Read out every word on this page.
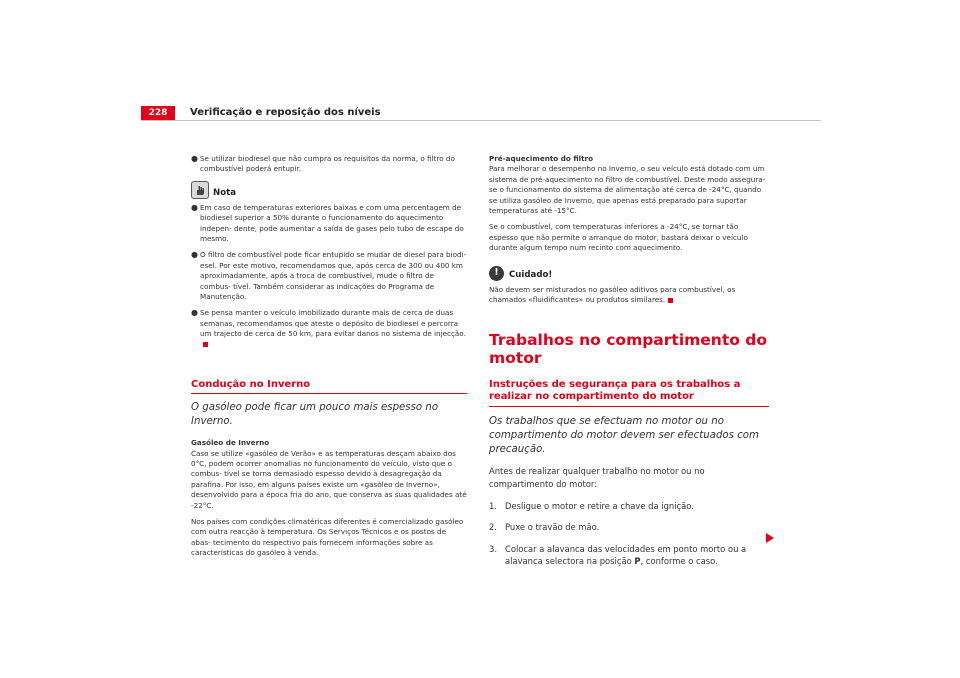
228	Verificação e reposição dos níveis
● Se utilizar biodiesel que não cumpra os requisitos da norma, o filtro do combustível poderá entupir.
Nota
● Em caso de temperaturas exteriores baixas e com uma percentagem de biodiesel superior a 50% durante o funcionamento do aquecimento indepen- dente, pode aumentar a saída de gases pelo tubo de escape do mesmo.
● O filtro de combustível pode ficar entupido se mudar de diesel para biodi- esel. Por este motivo, recomendamos que, após cerca de 300 ou 400 km aproximadamente, após a troca de combustível, mude o filtro de combus- tível. Também considerar as indicações do Programa de Manutenção.
● Se pensa manter o veículo imobilizado durante mais de cerca de duas semanas, recomendamos que ateste o depósito de biodiesel e percorra um trajecto de cerca de 50 km, para evitar danos no sistema de injecção.
Condução no Inverno
O gasóleo pode ficar um pouco mais espesso no Inverno.
Gasóleo de Inverno

Caso se utilize «gasóleo de Verão» e as temperaturas desçam abaixo dos 0°C, podem ocorrer anomalias no funcionamento do veículo, visto que o combus- tível se torna demasiado espesso devido à desagregação da parafina. Por isso, em alguns países existe um «gasóleo de Inverno», desenvolvido para a época fria do ano, que conserva as suas qualidades até -22°C.

Nos países com condições climatéricas diferentes é comercializado gasóleo com outra reacção à temperatura. Os Serviços Técnicos e os postos de abas- tecimento do respectivo país fornecem informações sobre as características do gasóleo à venda.

Pré-aquecimento do filtro

Para melhorar o desempenho no Inverno, o seu veículo está dotado com um sistema de pré-aquecimento no filtro de combustível. Deste modo assegura- se o funcionamento do sistema de alimentação até cerca de -24°C, quando se utiliza gasóleo de Inverno, que apenas está preparado para suportar temperaturas até -15°C.

Se o combustível, com temperaturas inferiores a -24°C, se tornar tão espesso que não permite o arranque do motor, bastará deixar o veículo durante algum tempo num recinto com aquecimento.

!	Cuidado!

Não devem ser misturados no gasóleo aditivos para combustível, os chamados «fluidificantes» ou produtos similares.

Trabalhos no compartimento do motor
Instruções de segurança para os trabalhos a realizar no compartimento do motor
Os trabalhos que se efectuam no motor ou no compartimento do motor devem ser efectuados com precaução.
Antes de realizar qualquer trabalho no motor ou no compartimento do motor:
1. Desligue o motor e retire a chave da ignição.
2. Puxe o travão de mão.
3. Colocar a alavanca das velocidades em ponto morto ou a alavanca selectora na posição P, conforme o caso.
